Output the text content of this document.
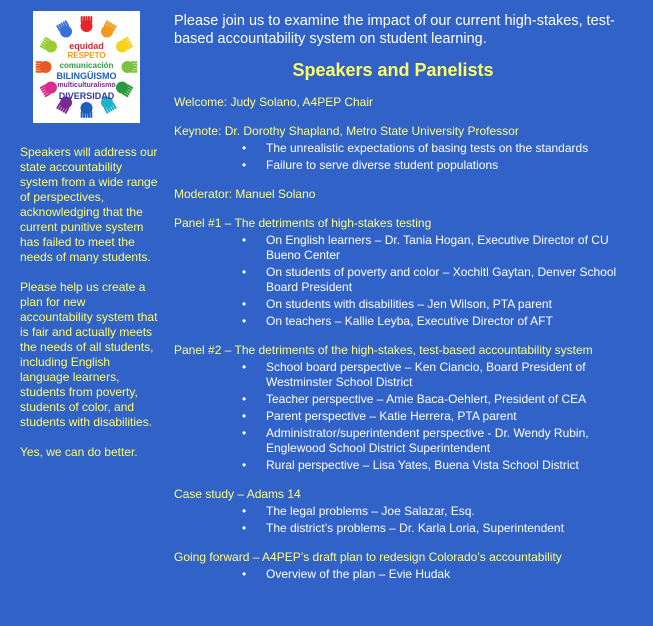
equidad
RESPETO
comunicación
BILINGÜISMO
multiculturalismo
DIVERSIDAD

Speakers will address our state accountability system from a wide range of perspectives, acknowledging that the current punitive system has failed to meet the needs of many students.

Please help us create a plan for new accountability system that is fair and actually meets the needs of all students, including English language learners, students from poverty, students of color, and students with disabilities.

Yes, we can do better.

Please join us to examine the impact of our current high-stakes, test-based accountability system on student learning.

Speakers and Panelists

Welcome: Judy Solano, A4PEP Chair

Keynote: Dr. Dorothy Shapland, Metro State University Professor

• The unrealistic expectations of basing tests on the standards
• Failure to serve diverse student populations

Moderator: Manuel Solano

Panel #1 – The detriments of high-stakes testing

• On English learners – Dr. Tania Hogan, Executive Director of CU Bueno Center
• On students of poverty and color – Xochitl Gaytan, Denver School Board President
• On students with disabilities – Jen Wilson, PTA parent
• On teachers – Kallie Leyba, Executive Director of AFT

Panel #2 – The detriments of the high-stakes, test-based accountability system

• School board perspective – Ken Ciancio, Board President of Westminster School District
• Teacher perspective – Amie Baca-Oehlert, President of CEA
• Parent perspective – Katie Herrera, PTA parent
• Administrator/superintendent perspective - Dr. Wendy Rubin, Englewood School District Superintendent
• Rural perspective – Lisa Yates, Buena Vista School District

Case study – Adams 14

• The legal problems – Joe Salazar, Esq.
• The district’s problems – Dr. Karla Loria, Superintendent

Going forward – A4PEP’s draft plan to redesign Colorado’s accountability

• Overview of the plan – Evie Hudak
